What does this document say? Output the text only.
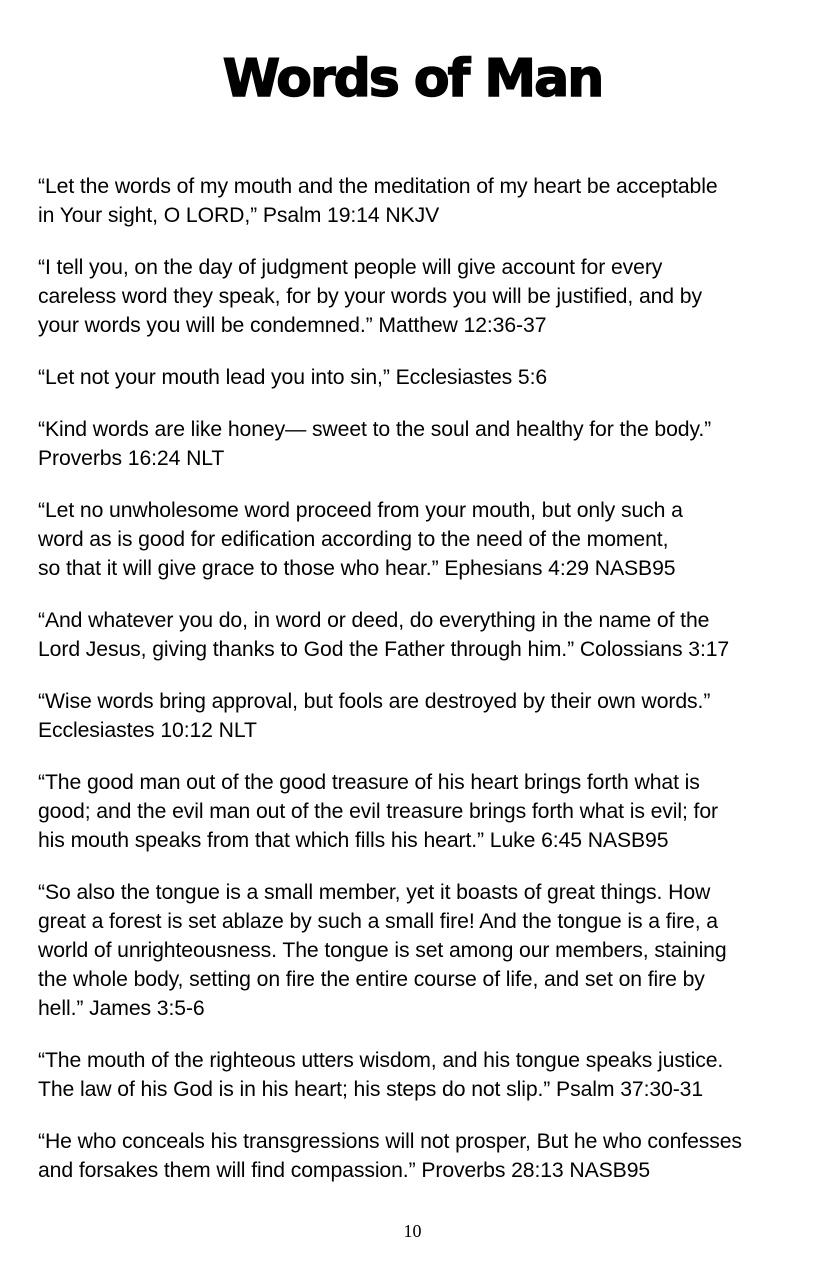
Words of Man

“Let the words of my mouth and the meditation of my heart be acceptable
in Your sight, O LORD,” Psalm 19:14 NKJV

“I tell you, on the day of judgment people will give account for every
careless word they speak, for by your words you will be justified, and by
your words you will be condemned.” Matthew 12:36-37

“Let not your mouth lead you into sin,” Ecclesiastes 5:6

“Kind words are like honey— sweet to the soul and healthy for the body.”
Proverbs 16:24 NLT

“Let no unwholesome word proceed from your mouth, but only such a
word as is good for edification according to the need of the moment,
so that it will give grace to those who hear.” Ephesians 4:29 NASB95

“And whatever you do, in word or deed, do everything in the name of the
Lord Jesus, giving thanks to God the Father through him.” Colossians 3:17

“Wise words bring approval, but fools are destroyed by their own words.”
Ecclesiastes 10:12 NLT

“The good man out of the good treasure of his heart brings forth what is
good; and the evil man out of the evil treasure brings forth what is evil; for
his mouth speaks from that which fills his heart.” Luke 6:45 NASB95

“So also the tongue is a small member, yet it boasts of great things. How
great a forest is set ablaze by such a small fire! And the tongue is a fire, a
world of unrighteousness. The tongue is set among our members, staining
the whole body, setting on fire the entire course of life, and set on fire by
hell.” James 3:5-6

“The mouth of the righteous utters wisdom, and his tongue speaks justice.
The law of his God is in his heart; his steps do not slip.” Psalm 37:30-31

“He who conceals his transgressions will not prosper, But he who confesses
and forsakes them will find compassion.” Proverbs 28:13 NASB95

10
